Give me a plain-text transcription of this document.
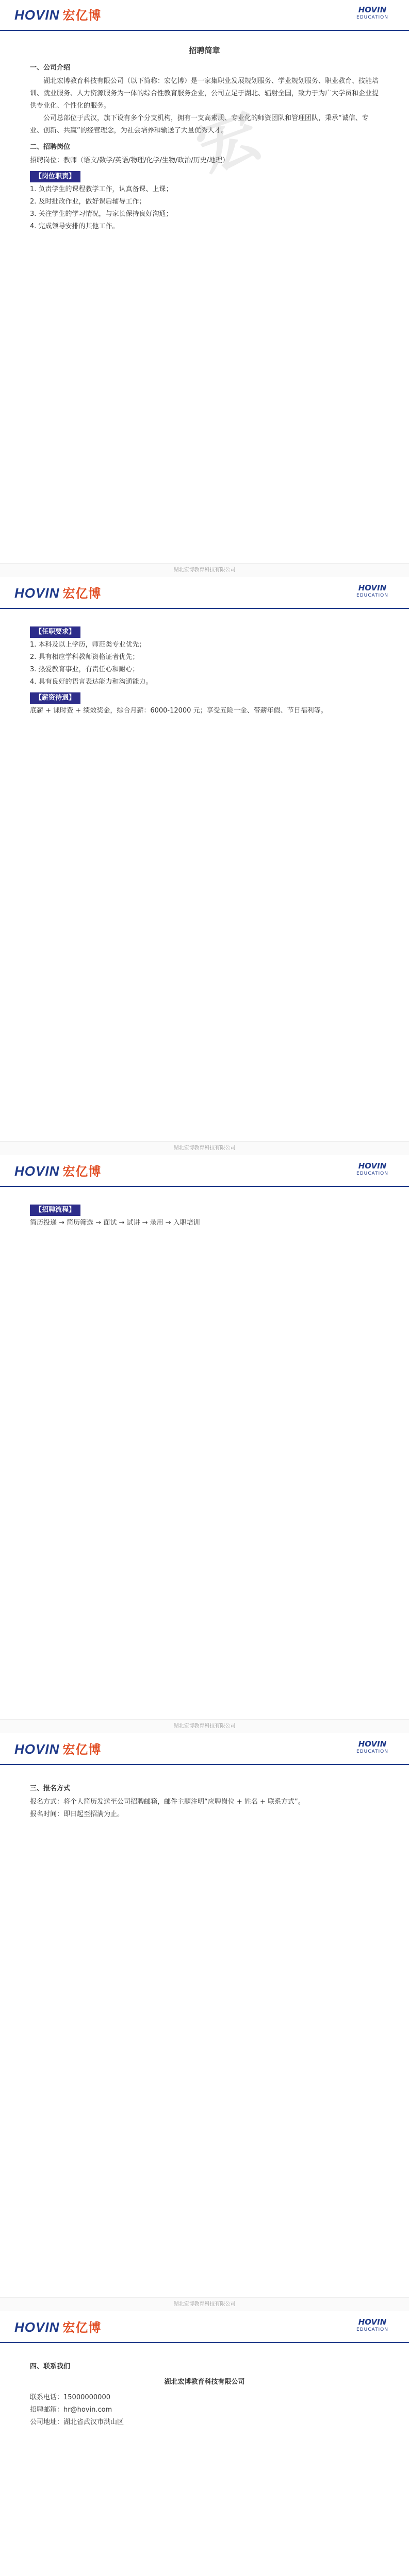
HOVIN 宏亿博	HOVIN
EDUCATION
招聘简章
一、公司介绍

湖北宏博教育科技有限公司（以下简称：宏亿博）是一家集职业发展规划服务、学业规划服务、职业教育、技能培训、就业服务、人力资源服务为一体的综合性教育服务企业，公司立足于湖北、辐射全国，致力于为广大学员和企业提供专业化、个性化的服务。

公司总部位于武汉，旗下设有多个分支机构，拥有一支高素质、专业化的师资团队和管理团队，秉承“诚信、专业、创新、共赢”的经营理念，为社会培养和输送了大量优秀人才。

二、招聘岗位

招聘岗位：教师（语文/数学/英语/物理/化学/生物/政治/历史/地理）

【岗位职责】

1. 负责学生的课程教学工作，认真备课、上课；

2. 及时批改作业，做好课后辅导工作；

3. 关注学生的学习情况，与家长保持良好沟通；

4. 完成领导安排的其他工作。

宏
湖北宏博教育科技有限公司
HOVIN 宏亿博	HOVIN
EDUCATION
【任职要求】

1. 本科及以上学历，师范类专业优先；

2. 具有相应学科教师资格证者优先；

3. 热爱教育事业，有责任心和耐心；

4. 具有良好的语言表达能力和沟通能力。

【薪资待遇】

底薪 + 课时费 + 绩效奖金，综合月薪：6000-12000 元；享受五险一金、带薪年假、节日福利等。

湖北宏博教育科技有限公司
HOVIN 宏亿博	HOVIN
EDUCATION
【招聘流程】

简历投递 → 简历筛选 → 面试 → 试讲 → 录用 → 入职培训

湖北宏博教育科技有限公司
HOVIN 宏亿博	HOVIN
EDUCATION
三、报名方式

报名方式：将个人简历发送至公司招聘邮箱，邮件主题注明“应聘岗位 + 姓名 + 联系方式”。

报名时间：即日起至招满为止。

湖北宏博教育科技有限公司
HOVIN 宏亿博	HOVIN
EDUCATION
四、联系我们
湖北宏博教育科技有限公司

联系电话：15000000000

招聘邮箱：hr@hovin.com

公司地址：湖北省武汉市洪山区
